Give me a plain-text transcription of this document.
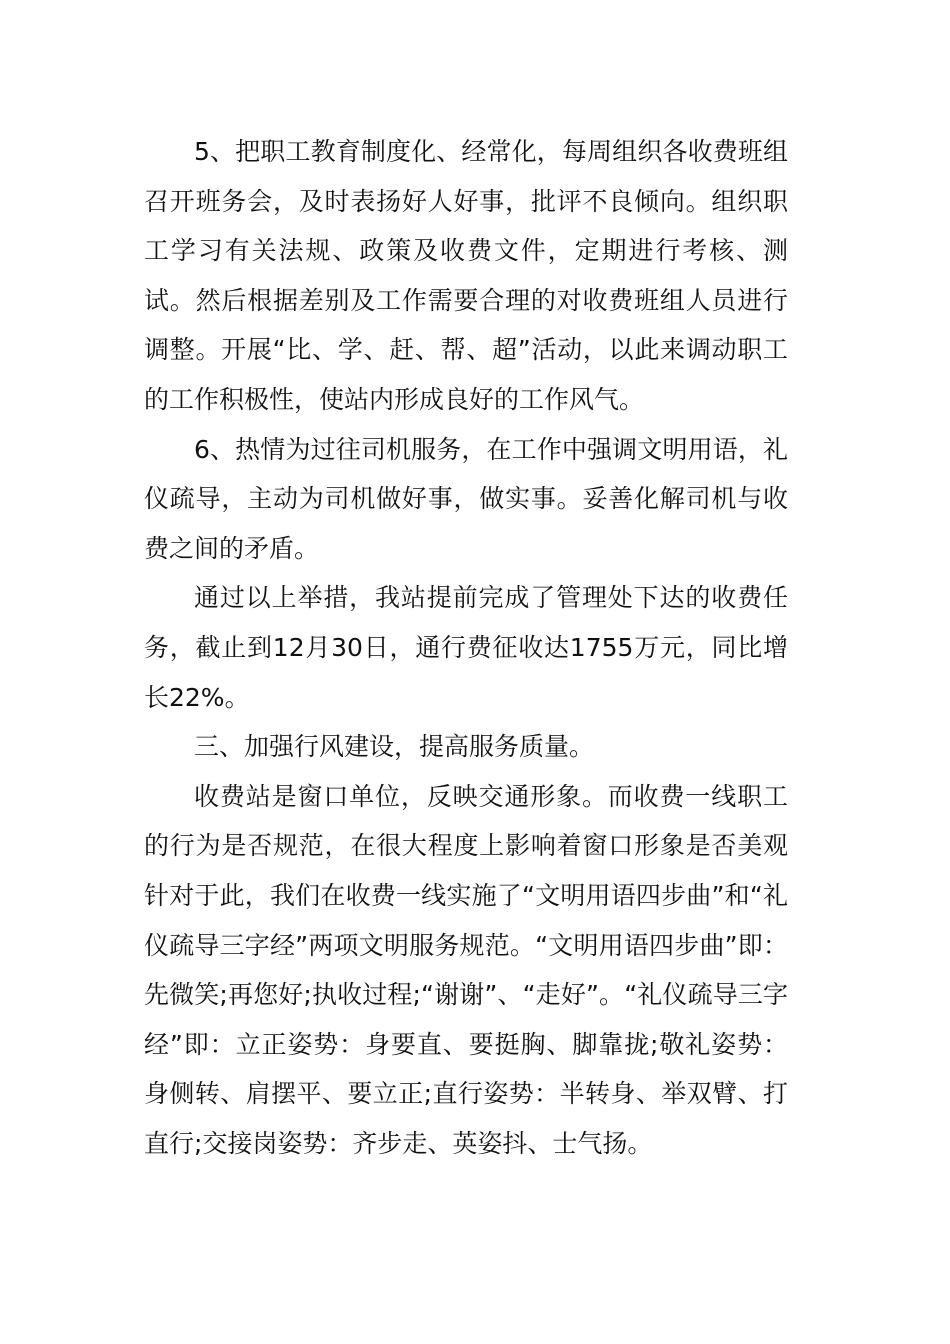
5、把职工教育制度化、经常化，每周组织各收费班组召开班务会，及时表扬好人好事，批评不良倾向。组织职工学习有关法规、政策及收费文件，定期进行考核、测试。然后根据差别及工作需要合理的对收费班组人员进行调整。开展“比、学、赶、帮、超”活动，以此来调动职工的工作积极性，使站内形成良好的工作风气。

6、热情为过往司机服务，在工作中强调文明用语，礼仪疏导，主动为司机做好事，做实事。妥善化解司机与收费之间的矛盾。

通过以上举措，我站提前完成了管理处下达的收费任务，截止到12月30日，通行费征收达1755万元，同比增长22%。

三、加强行风建设，提高服务质量。

收费站是窗口单位，反映交通形象。而收费一线职工的行为是否规范，在很大程度上影响着窗口形象是否美观针对于此，我们在收费一线实施了“文明用语四步曲”和“礼仪疏导三字经”两项文明服务规范。“文明用语四步曲”即：先微笑;再您好;执收过程;“谢谢”、“走好”。“礼仪疏导三字经”即：立正姿势：身要直、要挺胸、脚靠拢;敬礼姿势：身侧转、肩摆平、要立正;直行姿势：半转身、举双臂、打直行;交接岗姿势：齐步走、英姿抖、士气扬。
